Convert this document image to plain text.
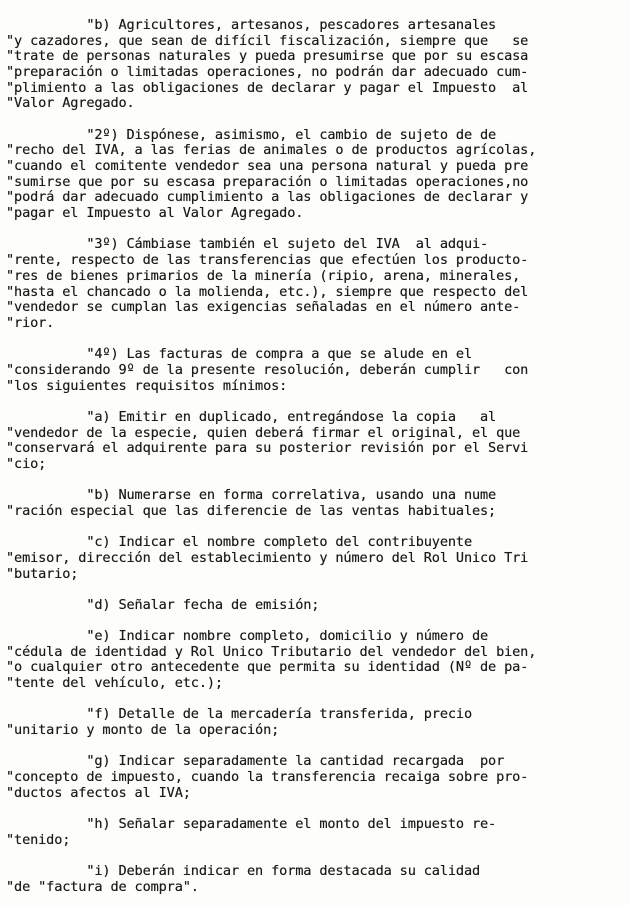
"b) Agricultores, artesanos, pescadores artesanales
"y cazadores, que sean de difícil fiscalización, siempre que   se
"trate de personas naturales y pueda presumirse que por su escasa
"preparación o limitadas operaciones, no podrán dar adecuado cum-
"plimiento a las obligaciones de declarar y pagar el Impuesto  al
"Valor Agregado.
"2º) Dispónese, asimismo, el cambio de sujeto de de
"recho del IVA, a las ferias de animales o de productos agrícolas,
"cuando el comitente vendedor sea una persona natural y pueda pre
"sumirse que por su escasa preparación o limitadas operaciones,no
"podrá dar adecuado cumplimiento a las obligaciones de declarar y
"pagar el Impuesto al Valor Agregado.
"3º) Cámbiase también el sujeto del IVA  al adqui-
"rente, respecto de las transferencias que efectúen los producto-
"res de bienes primarios de la minería (ripio, arena, minerales,
"hasta el chancado o la molienda, etc.), siempre que respecto del
"vendedor se cumplan las exigencias señaladas en el número ante-
"rior.
"4º) Las facturas de compra a que se alude en el
"considerando 9º de la presente resolución, deberán cumplir   con
"los siguientes requisitos mínimos:
"a) Emitir en duplicado, entregándose la copia   al
"vendedor de la especie, quien deberá firmar el original, el que
"conservará el adquirente para su posterior revisión por el Servi
"cio;
"b) Numerarse en forma correlativa, usando una nume
"ración especial que las diferencie de las ventas habituales;
"c) Indicar el nombre completo del contribuyente
"emisor, dirección del establecimiento y número del Rol Unico Tri
"butario;
"d) Señalar fecha de emisión;
"e) Indicar nombre completo, domicilio y número de
"cédula de identidad y Rol Unico Tributario del vendedor del bien,
"o cualquier otro antecedente que permita su identidad (Nº de pa-
"tente del vehículo, etc.);
"f) Detalle de la mercadería transferida, precio
"unitario y monto de la operación;
"g) Indicar separadamente la cantidad recargada  por
"concepto de impuesto, cuando la transferencia recaiga sobre pro-
"ductos afectos al IVA;
"h) Señalar separadamente el monto del impuesto re-
"tenido;
"i) Deberán indicar en forma destacada su calidad
"de "factura de compra".
